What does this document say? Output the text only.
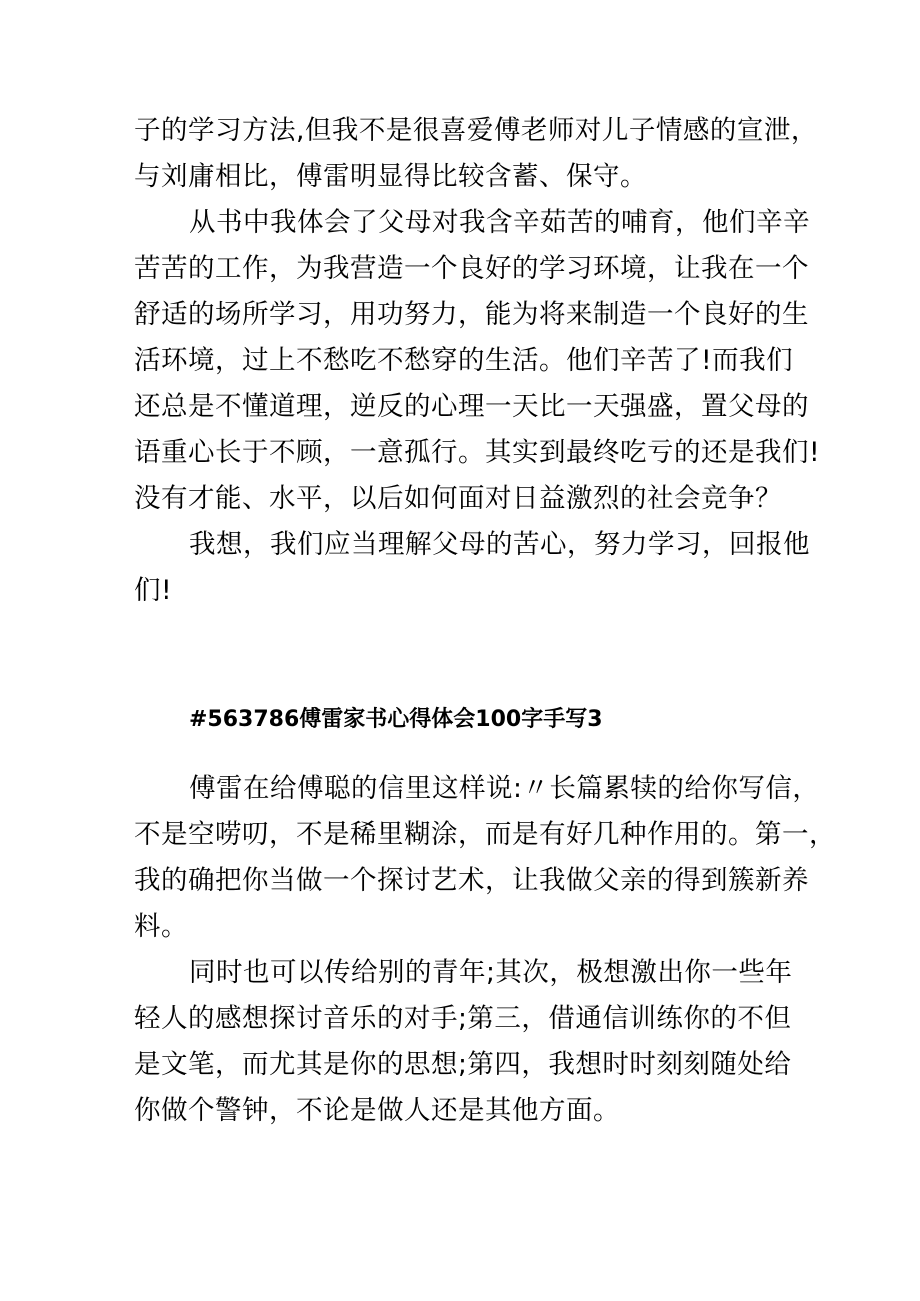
子的学习方法,但我不是很喜爱傅老师对儿子情感的宣泄，

与刘庸相比，傅雷明显得比较含蓄、保守。

从书中我体会了父母对我含辛茹苦的哺育，他们辛辛

苦苦的工作，为我营造一个良好的学习环境，让我在一个

舒适的场所学习，用功努力，能为将来制造一个良好的生

活环境，过上不愁吃不愁穿的生活。他们辛苦了!而我们

还总是不懂道理，逆反的心理一天比一天强盛，置父母的

语重心长于不顾，一意孤行。其实到最终吃亏的还是我们!

没有才能、水平，以后如何面对日益激烈的社会竞争？

我想，我们应当理解父母的苦心，努力学习，回报他

们!

#563786傅雷家书心得体会100字手写3

傅雷在给傅聪的信里这样说:〃长篇累犊的给你写信，

不是空唠叨，不是稀里糊涂，而是有好几种作用的。第一，

我的确把你当做一个探讨艺术，让我做父亲的得到簇新养

料。

同时也可以传给别的青年;其次，极想激出你一些年

轻人的感想探讨音乐的对手;第三，借通信训练你的不但

是文笔，而尤其是你的思想;第四，我想时时刻刻随处给

你做个警钟，不论是做人还是其他方面。
